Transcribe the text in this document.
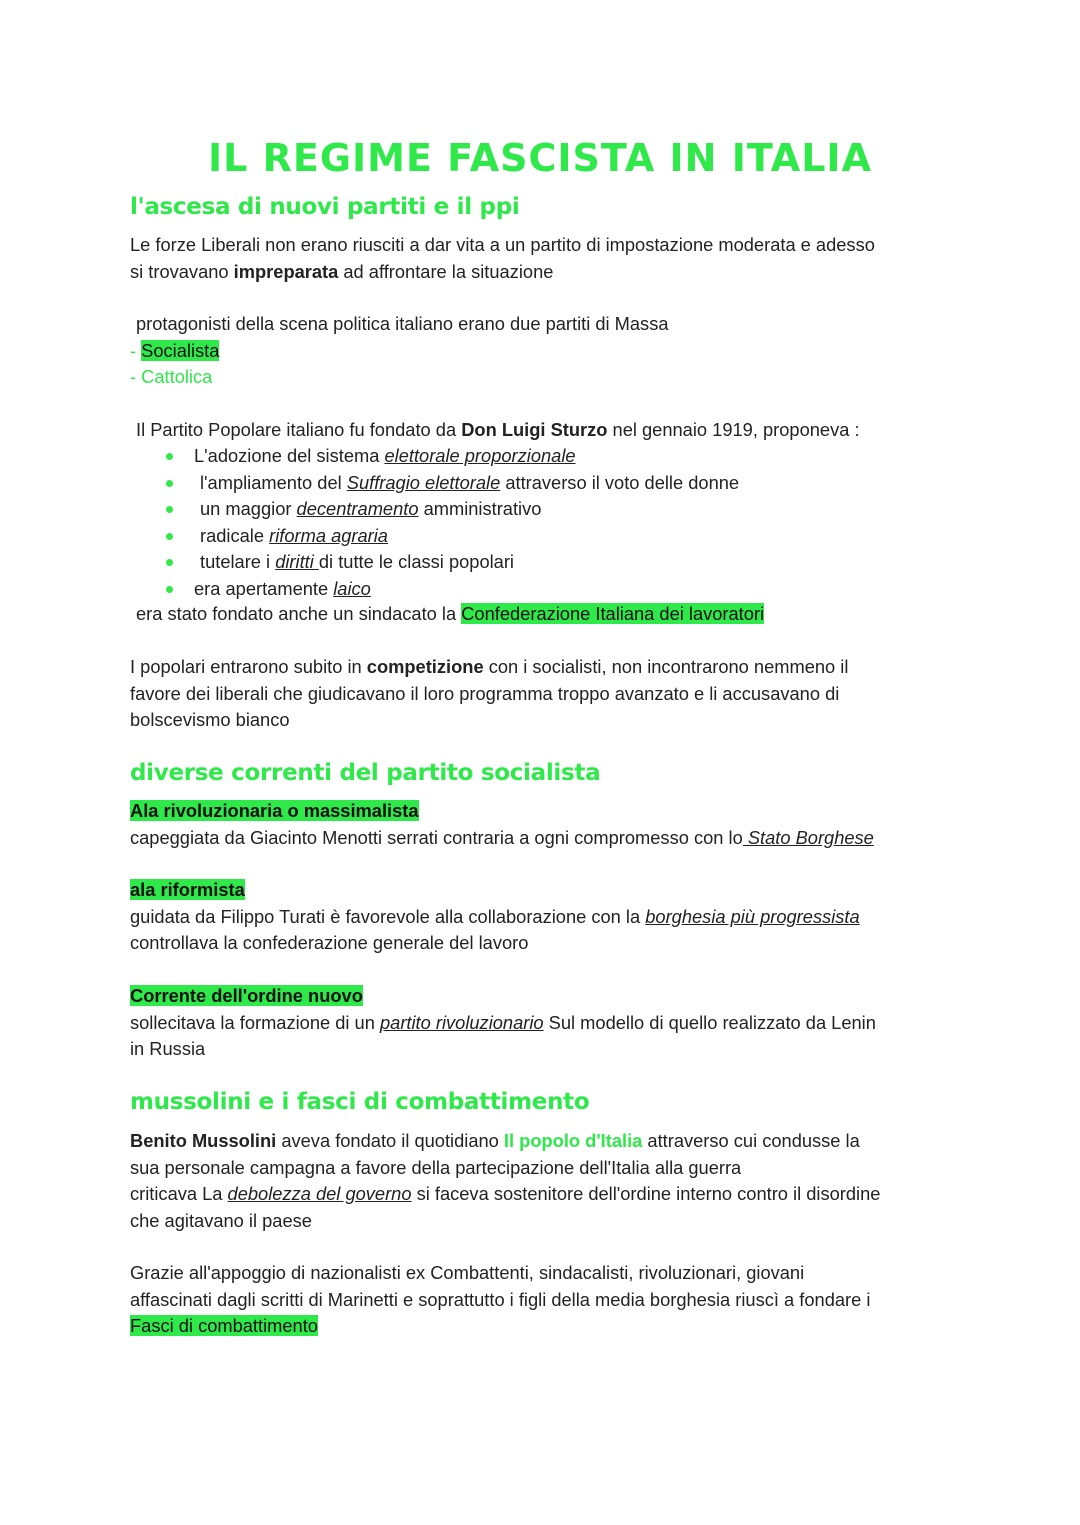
IL REGIME FASCISTA IN ITALIA
l'ascesa di nuovi partiti e il ppi

Le forze Liberali non erano riusciti a dar vita a un partito di impostazione moderata e adesso
si trovavano impreparata ad affrontare la situazione

protagonisti della scena politica italiano erano due partiti di Massa

- Socialista

- Cattolica

Il Partito Popolare italiano fu fondato da Don Luigi Sturzo nel gennaio 1919, proponeva :

L'adozione del sistema elettorale proporzionale
l'ampliamento del Suffragio elettorale attraverso il voto delle donne
un maggior decentramento amministrativo
radicale riforma agraria
tutelare i diritti di tutte le classi popolari
era apertamente laico

era stato fondato anche un sindacato la Confederazione Italiana dei lavoratori

I popolari entrarono subito in competizione con i socialisti, non incontrarono nemmeno il
favore dei liberali che giudicavano il loro programma troppo avanzato e li accusavano di
bolscevismo bianco

diverse correnti del partito socialista

Ala rivoluzionaria o massimalista
capeggiata da Giacinto Menotti serrati contraria a ogni compromesso con lo Stato Borghese

ala riformista
guidata da Filippo Turati è favorevole alla collaborazione con la borghesia più progressista
controllava la confederazione generale del lavoro

Corrente dell'ordine nuovo
sollecitava la formazione di un partito rivoluzionario Sul modello di quello realizzato da Lenin
in Russia

mussolini e i fasci di combattimento

Benito Mussolini aveva fondato il quotidiano Il popolo d'Italia attraverso cui condusse la
sua personale campagna a favore della partecipazione dell'Italia alla guerra
criticava La debolezza del governo si faceva sostenitore dell'ordine interno contro il disordine
che agitavano il paese

Grazie all'appoggio di nazionalisti ex Combattenti, sindacalisti, rivoluzionari, giovani
affascinati dagli scritti di Marinetti e soprattutto i figli della media borghesia riuscì a fondare i
Fasci di combattimento
